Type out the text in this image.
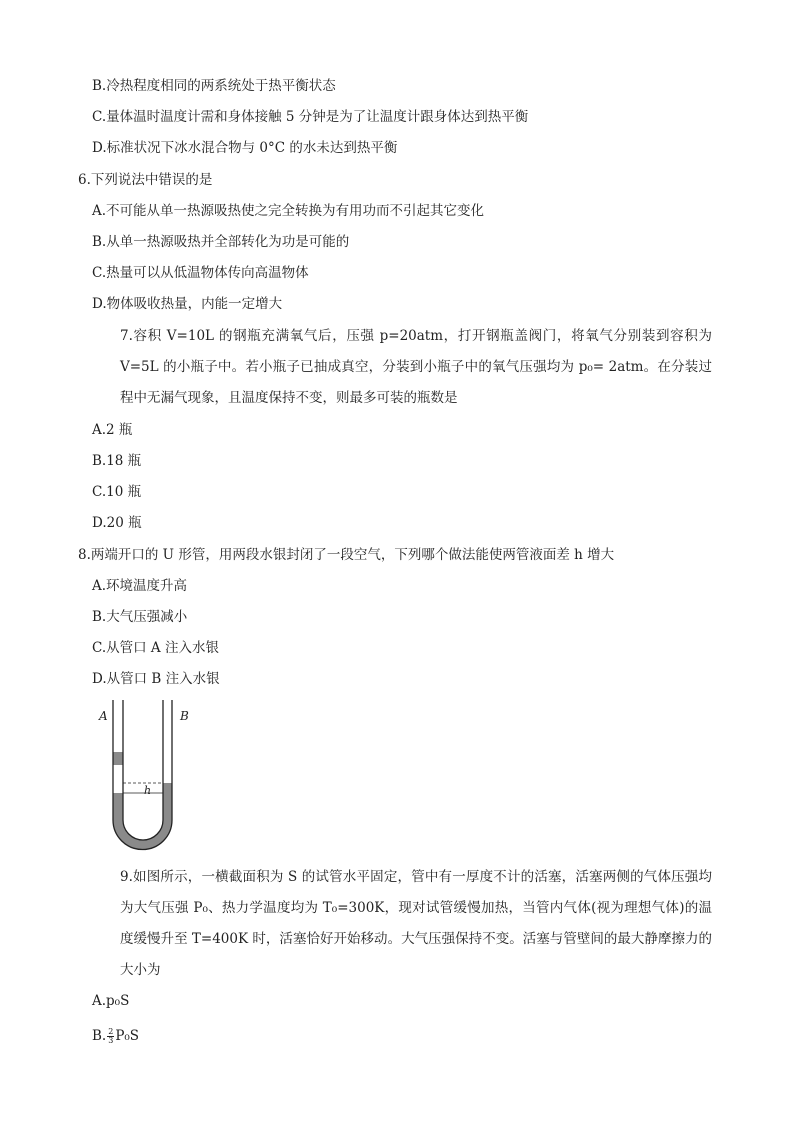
B.冷热程度相同的两系统处于热平衡状态
C.量体温时温度计需和身体接触 5 分钟是为了让温度计跟身体达到热平衡
D.标准状况下冰水混合物与 0°C 的水未达到热平衡
6.下列说法中错误的是
A.不可能从单一热源吸热使之完全转换为有用功而不引起其它变化
B.从单一热源吸热并全部转化为功是可能的
C.热量可以从低温物体传向高温物体
D.物体吸收热量，内能一定增大
7.容积 V=10L 的钢瓶充满氧气后，压强 p=20atm，打开钢瓶盖阀门，将氧气分别装到容积为 V=5L 的小瓶子中。若小瓶子已抽成真空，分装到小瓶子中的氧气压强均为 p₀= 2atm。在分装过程中无漏气现象，且温度保持不变，则最多可装的瓶数是
A.2 瓶
B.18 瓶
C.10 瓶
D.20 瓶
8.两端开口的 U 形管，用两段水银封闭了一段空气，下列哪个做法能使两管液面差 h 增大
A.环境温度升高
B.大气压强减小
C.从管口 A 注入水银
D.从管口 B 注入水银
A	B
h
9.如图所示，一横截面积为 S 的试管水平固定，管中有一厚度不计的活塞，活塞两侧的气体压强均为大气压强 P₀、热力学温度均为 T₀=300K，现对试管缓慢加热，当管内气体(视为理想气体)的温度缓慢升至 T=400K 时，活塞恰好开始移动。大气压强保持不变。活塞与管壁间的最大静摩擦力的大小为
A.p₀S
B. $\frac{2}{3} P_0S$
